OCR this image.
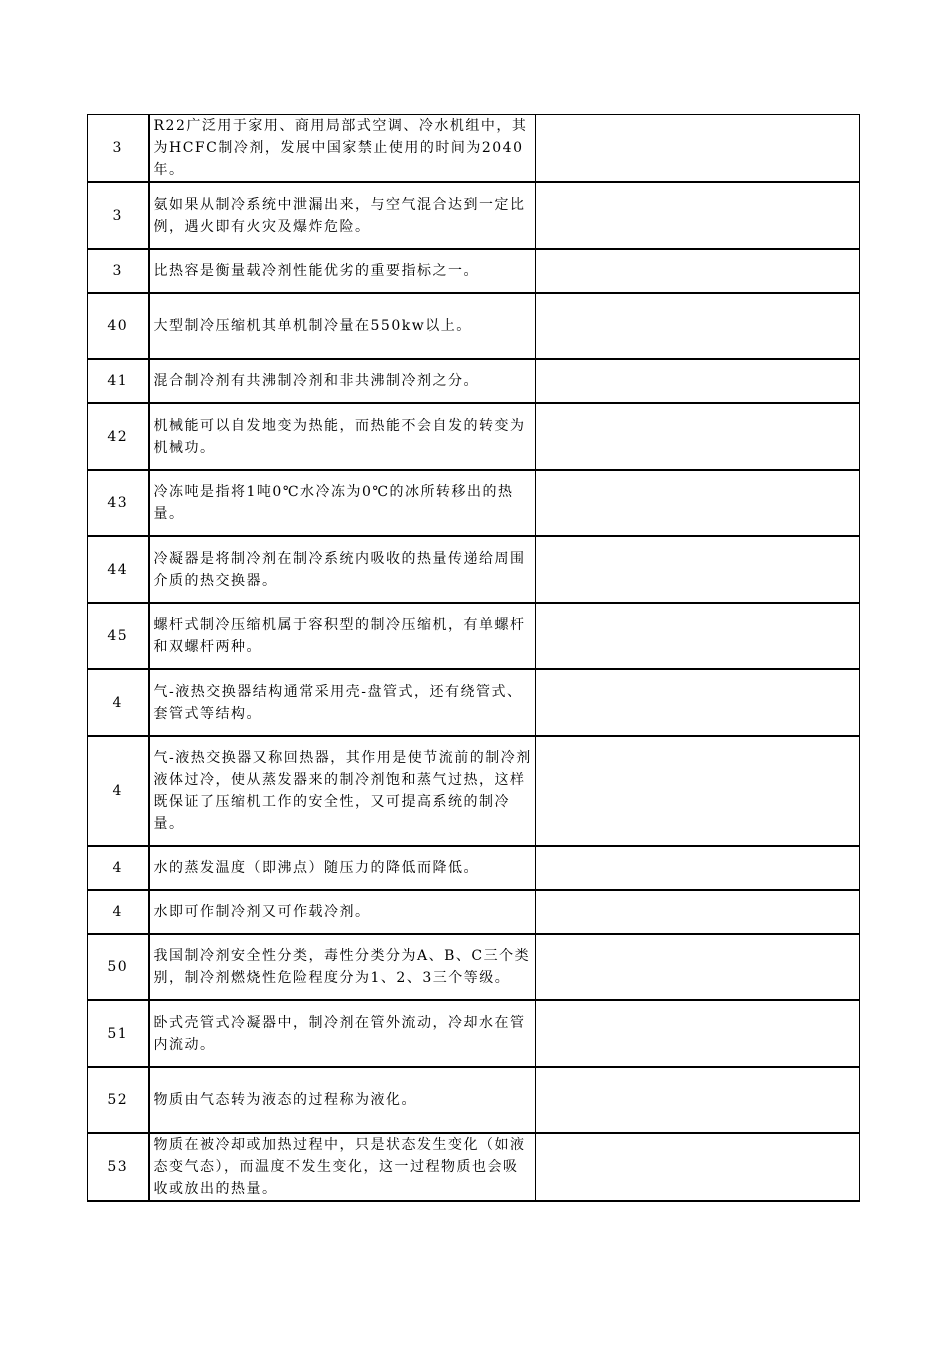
3	R22广泛用于家用、商用局部式空调、冷水机组中，其为HCFC制冷剂，发展中国家禁止使用的时间为2040年。	
3	氨如果从制冷系统中泄漏出来，与空气混合达到一定比例，遇火即有火灾及爆炸危险。	
3	比热容是衡量载冷剂性能优劣的重要指标之一。	
40	大型制冷压缩机其单机制冷量在550kw以上。	
41	混合制冷剂有共沸制冷剂和非共沸制冷剂之分。	
42	机械能可以自发地变为热能，而热能不会自发的转变为机械功。	
43	冷冻吨是指将1吨0℃水冷冻为0℃的冰所转移出的热量。	
44	冷凝器是将制冷剂在制冷系统内吸收的热量传递给周围介质的热交换器。	
45	螺杆式制冷压缩机属于容积型的制冷压缩机，有单螺杆和双螺杆两种。	
4	气-液热交换器结构通常采用壳-盘管式，还有绕管式、套管式等结构。	
4	气-液热交换器又称回热器，其作用是使节流前的制冷剂液体过冷，使从蒸发器来的制冷剂饱和蒸气过热，这样既保证了压缩机工作的安全性，又可提高系统的制冷量。	
4	水的蒸发温度（即沸点）随压力的降低而降低。	
4	水即可作制冷剂又可作载冷剂。	
50	我国制冷剂安全性分类，毒性分类分为A、B、C三个类别，制冷剂燃烧性危险程度分为1、2、3三个等级。	
51	卧式壳管式冷凝器中，制冷剂在管外流动，冷却水在管内流动。	
52	物质由气态转为液态的过程称为液化。	
53	物质在被冷却或加热过程中，只是状态发生变化（如液态变气态），而温度不发生变化，这一过程物质也会吸收或放出的热量。	
